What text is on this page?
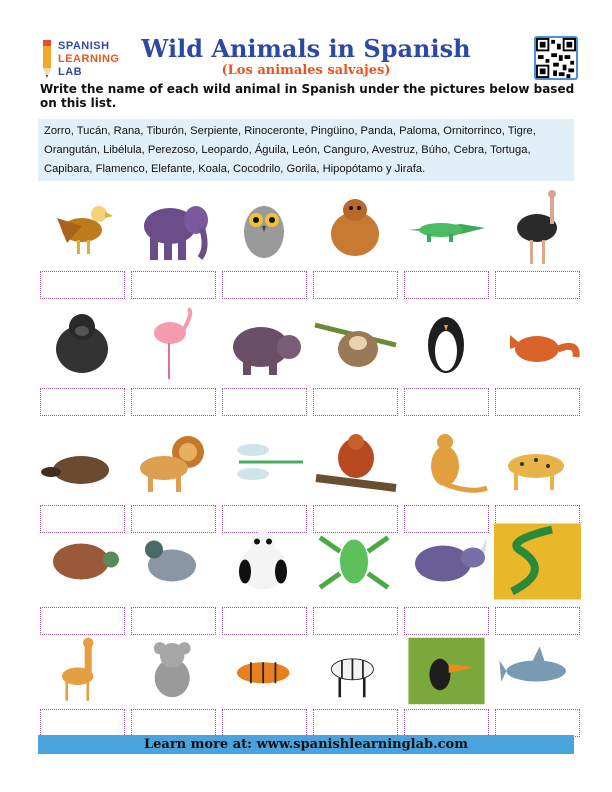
SPANISH
LEARNING
LAB
Wild Animals in Spanish
(Los animales salvajes)
Write the name of each wild animal in Spanish under the pictures below based on this list.
Zorro, Tucán, Rana, Tiburón, Serpiente, Rinoceronte, Pingüino, Panda, Paloma, Ornitorrinco, Tigre, Orangután, Libélula, Perezoso, Leopardo, Águila, León, Canguro, Avestruz, Búho, Cebra, Tortuga, Capibara, Flamenco, Elefante, Koala, Cocodrilo, Gorila, Hipopótamo y Jirafa.
Learn more at: www.spanishlearninglab.com
